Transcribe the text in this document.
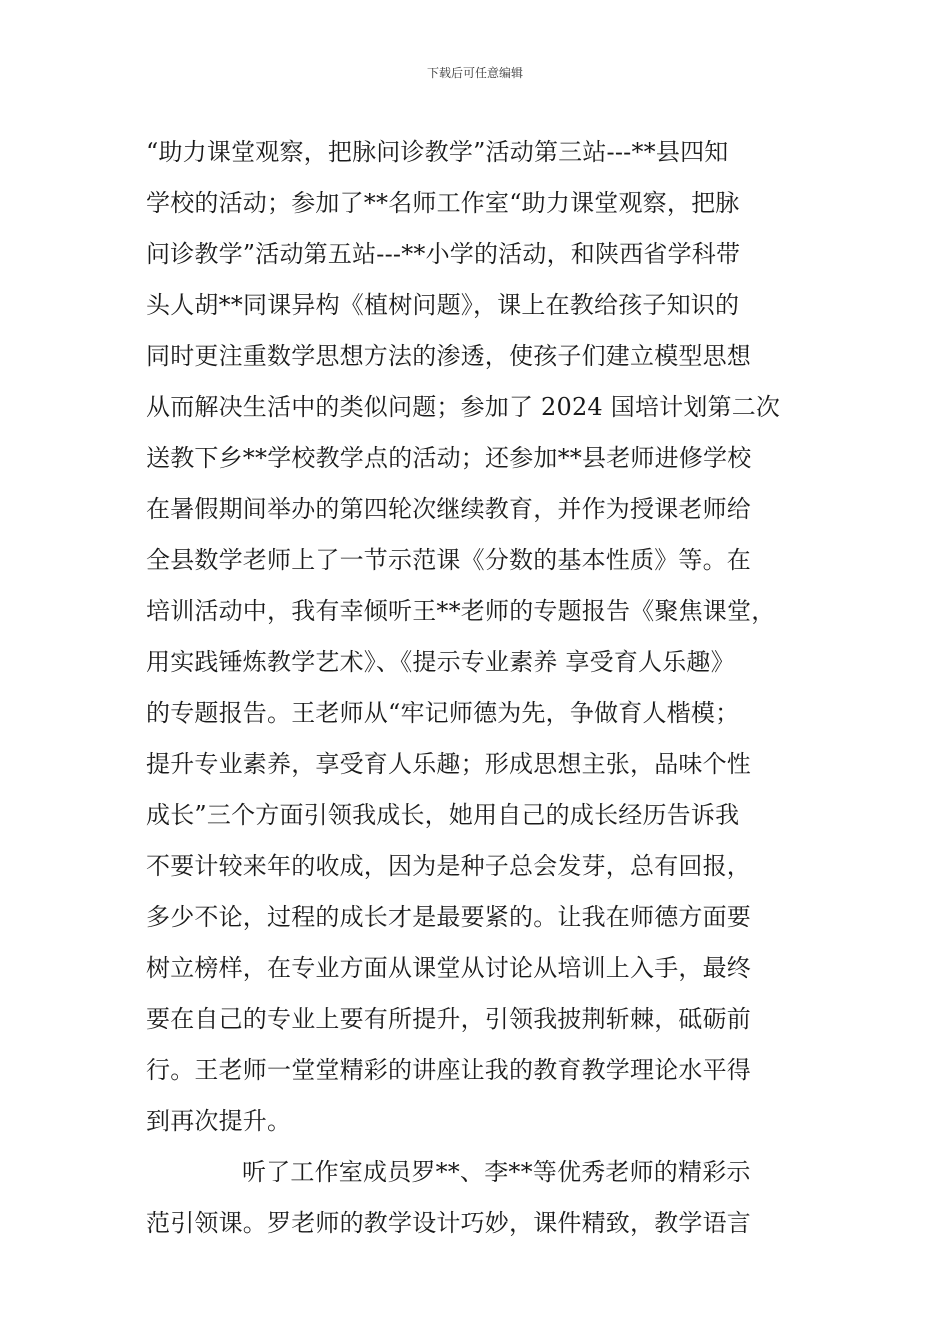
下载后可任意编辑
“助力课堂观察，把脉问诊教学”活动第三站---**县四知
学校的活动；参加了**名师工作室“助力课堂观察，把脉
问诊教学”活动第五站---**小学的活动，和陕西省学科带
头人胡**同课异构《植树问题》，课上在教给孩子知识的
同时更注重数学思想方法的渗透，使孩子们建立模型思想
从而解决生活中的类似问题；参加了 2024 国培计划第二次
送教下乡**学校教学点的活动；还参加**县老师进修学校
在暑假期间举办的第四轮次继续教育，并作为授课老师给
全县数学老师上了一节示范课《分数的基本性质》等。在
培训活动中，我有幸倾听王**老师的专题报告《聚焦课堂，
用实践锤炼教学艺术》、《提示专业素养 享受育人乐趣》
的专题报告。王老师从“牢记师德为先，争做育人楷模；
提升专业素养，享受育人乐趣；形成思想主张，品味个性
成长”三个方面引领我成长，她用自己的成长经历告诉我
不要计较来年的收成，因为是种子总会发芽，总有回报，
多少不论，过程的成长才是最要紧的。让我在师德方面要
树立榜样，在专业方面从课堂从讨论从培训上入手，最终
要在自己的专业上要有所提升，引领我披荆斩棘，砥砺前
行。王老师一堂堂精彩的讲座让我的教育教学理论水平得
到再次提升。
听了工作室成员罗**、李**等优秀老师的精彩示
范引领课。罗老师的教学设计巧妙，课件精致，教学语言
